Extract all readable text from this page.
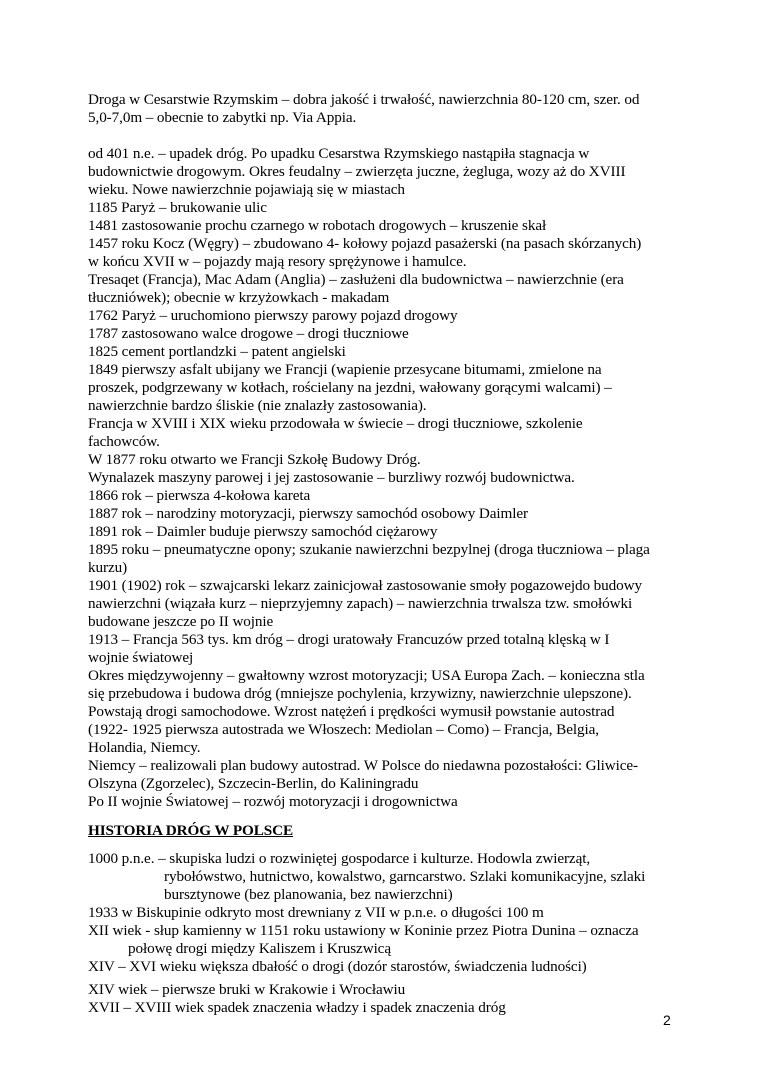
Droga w Cesarstwie Rzymskim – dobra jakość i trwałość, nawierzchnia 80-120 cm, szer. od
5,0-7,0m – obecnie to zabytki np. Via Appia.
od 401 n.e. – upadek dróg. Po upadku Cesarstwa Rzymskiego nastąpiła stagnacja w
budownictwie drogowym. Okres feudalny – zwierzęta juczne, żegluga, wozy aż do XVIII
wieku. Nowe nawierzchnie pojawiają się w miastach
1185 Paryż – brukowanie ulic
1481 zastosowanie prochu czarnego w robotach drogowych – kruszenie skał
1457 roku Kocz (Węgry) – zbudowano 4- kołowy pojazd pasażerski (na pasach skórzanych)
w końcu XVII w – pojazdy mają resory sprężynowe i hamulce.
Tresaqet (Francja), Mac Adam (Anglia) – zasłużeni dla budownictwa – nawierzchnie (era
tłuczniówek); obecnie w krzyżowkach - makadam
1762 Paryż – uruchomiono pierwszy parowy pojazd drogowy
1787 zastosowano walce drogowe – drogi tłuczniowe
1825 cement portlandzki – patent angielski
1849 pierwszy asfalt ubijany we Francji (wapienie przesycane bitumami, zmielone na
proszek, podgrzewany w kotłach, rościelany na jezdni, wałowany gorącymi walcami) –
nawierzchnie bardzo śliskie (nie znalazły zastosowania).
Francja w XVIII i XIX wieku przodowała w świecie – drogi tłuczniowe, szkolenie
fachowców.
W 1877 roku otwarto we Francji Szkołę Budowy Dróg.
Wynalazek maszyny parowej i jej zastosowanie – burzliwy rozwój budownictwa.
1866 rok – pierwsza 4-kołowa kareta
1887 rok – narodziny motoryzacji, pierwszy samochód osobowy Daimler
1891 rok – Daimler buduje pierwszy samochód ciężarowy
1895 roku – pneumatyczne opony; szukanie nawierzchni bezpylnej (droga tłuczniowa – plaga
kurzu)
1901 (1902) rok – szwajcarski lekarz zainicjował zastosowanie smoły pogazowejdo budowy
nawierzchni (wiązała kurz – nieprzyjemny zapach) – nawierzchnia trwalsza tzw. smołówki
budowane jeszcze po II wojnie
1913 – Francja 563 tys. km dróg – drogi uratowały Francuzów przed totalną klęską w I
wojnie światowej
Okres międzywojenny – gwałtowny wzrost motoryzacji; USA Europa Zach. – konieczna stla
się przebudowa i budowa dróg (mniejsze pochylenia, krzywizny, nawierzchnie ulepszone).
Powstają drogi samochodowe. Wzrost natężeń i prędkości wymusił powstanie autostrad
(1922- 1925 pierwsza autostrada we Włoszech: Mediolan – Como) – Francja, Belgia,
Holandia, Niemcy.
Niemcy – realizowali plan budowy autostrad. W Polsce do niedawna pozostałości: Gliwice-
Olszyna (Zgorzelec), Szczecin-Berlin, do Kaliningradu
Po II wojnie Światowej – rozwój motoryzacji i drogownictwa
HISTORIA DRÓG W POLSCE
1000 p.n.e. – skupiska ludzi o rozwiniętej gospodarce i kulturze. Hodowla zwierząt,
rybołówstwo, hutnictwo, kowalstwo, garncarstwo. Szlaki komunikacyjne, szlaki
bursztynowe (bez planowania, bez nawierzchni)
1933 w Biskupinie odkryto most drewniany z VII w p.n.e. o długości 100 m
XII wiek - słup kamienny w 1151 roku ustawiony w Koninie przez Piotra Dunina – oznacza
połowę drogi między Kaliszem i Kruszwicą
XIV – XVI wieku większa dbałość o drogi (dozór starostów, świadczenia ludności)
XIV wiek – pierwsze bruki w Krakowie i Wrocławiu
XVII – XVIII wiek spadek znaczenia władzy i spadek znaczenia dróg
2
